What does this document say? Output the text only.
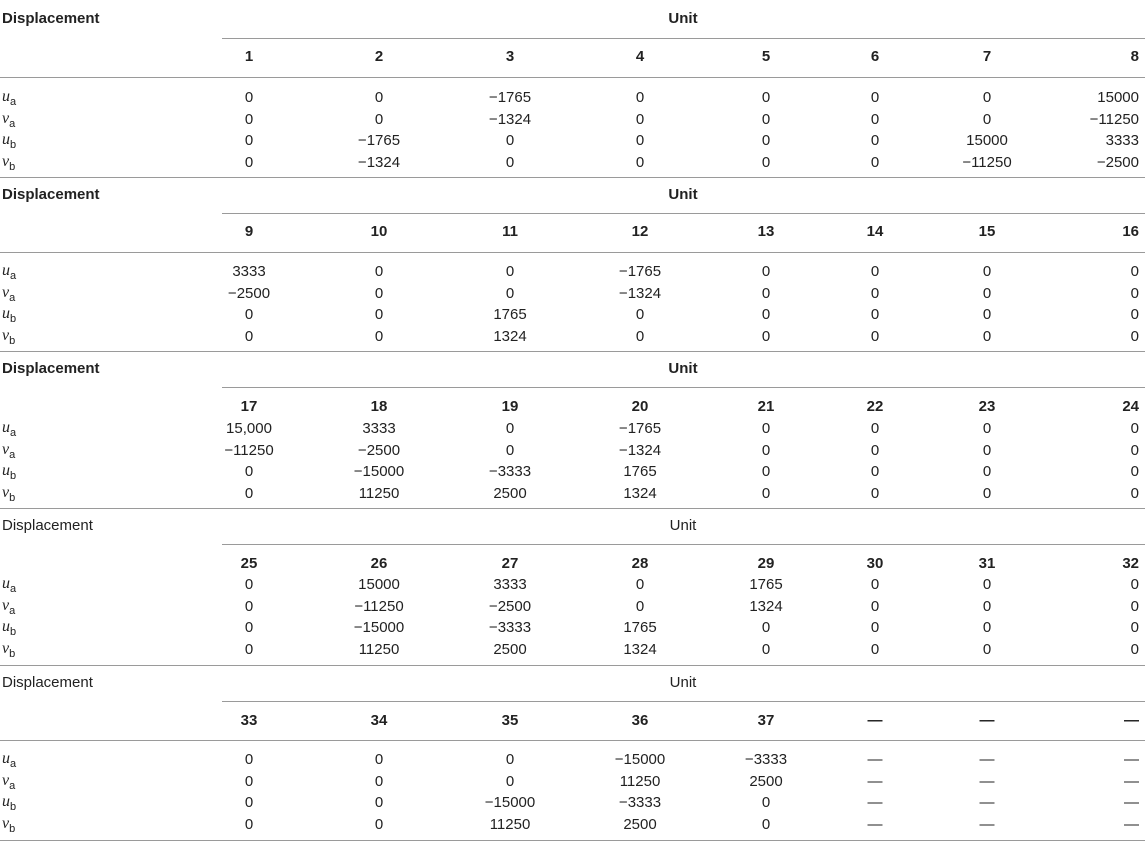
Displacement	Unit
1	2	3	4	5	6	7	8
$u_a$	0	0	−1765	0	0	0	0	15000
$v_a$	0	0	−1324	0	0	0	0	−11250
$u_b$	0	−1765	0	0	0	0	15000	3333
$v_b$	0	−1324	0	0	0	0	−11250	−2500
Displacement	Unit
9	10	11	12	13	14	15	16
$u_a$	3333	0	0	−1765	0	0	0	0
$v_a$	−2500	0	0	−1324	0	0	0	0
$u_b$	0	0	1765	0	0	0	0	0
$v_b$	0	0	1324	0	0	0	0	0
Displacement	Unit
17	18	19	20	21	22	23	24
$u_a$	15,000	3333	0	−1765	0	0	0	0
$v_a$	−11250	−2500	0	−1324	0	0	0	0
$u_b$	0	−15000	−3333	1765	0	0	0	0
$v_b$	0	11250	2500	1324	0	0	0	0
Displacement	Unit
25	26	27	28	29	30	31	32
$u_a$	0	15000	3333	0	1765	0	0	0
$v_a$	0	−11250	−2500	0	1324	0	0	0
$u_b$	0	−15000	−3333	1765	0	0	0	0
$v_b$	0	11250	2500	1324	0	0	0	0
Displacement	Unit
33	34	35	36	37	—	—	—
$u_a$	0	0	0	−15000	−3333	—	—	—
$v_a$	0	0	0	11250	2500	—	—	—
$u_b$	0	0	−15000	−3333	0	—	—	—
$v_b$	0	0	11250	2500	0	—	—	—
